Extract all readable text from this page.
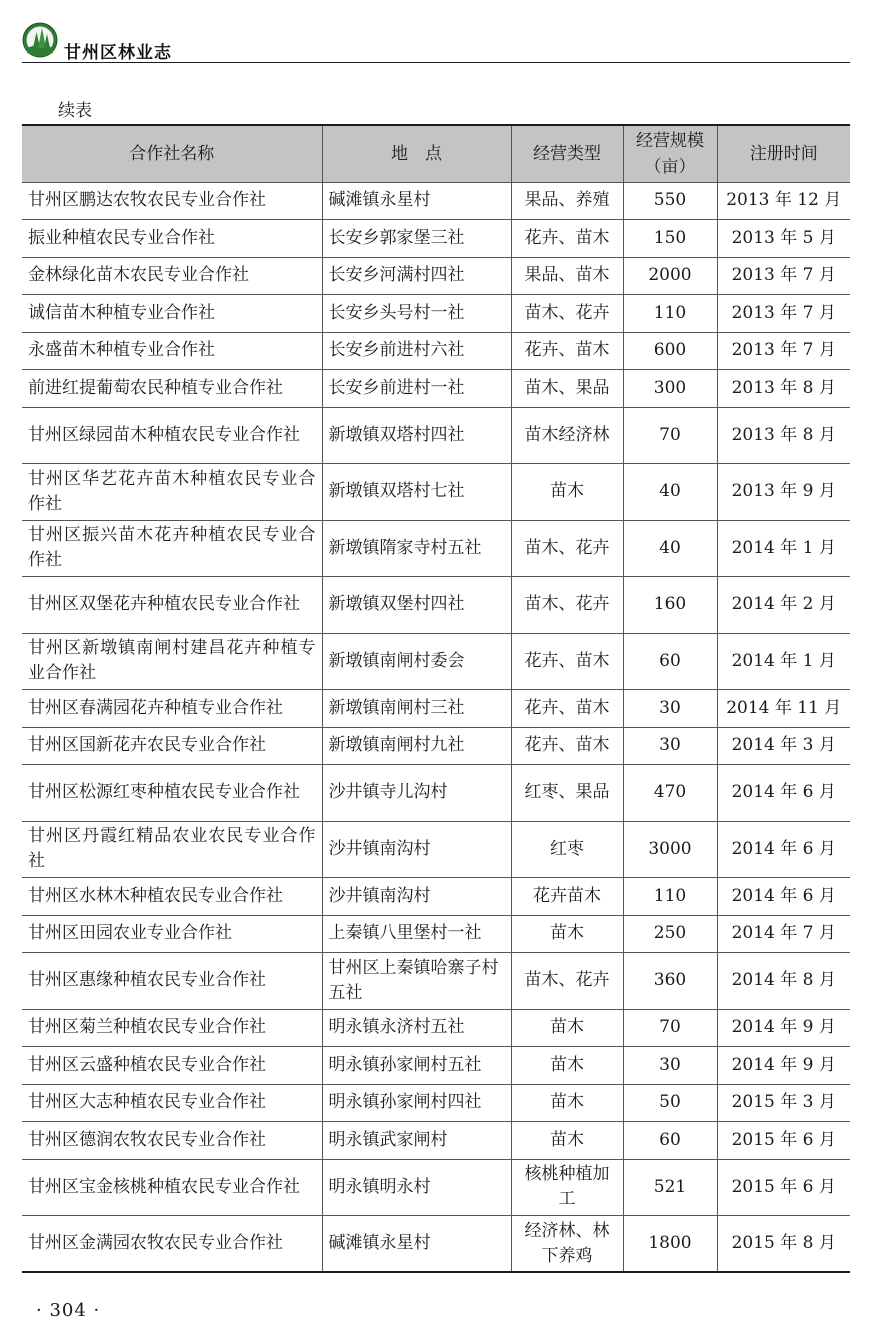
甘州区林业志
续表
合作社名称	地　点	经营类型	经营规模（亩）	注册时间
甘州区鹏达农牧农民专业合作社	碱滩镇永星村	果品、养殖	550	2013 年 12 月
振业种植农民专业合作社	长安乡郭家堡三社	花卉、苗木	150	2013 年 5 月
金林绿化苗木农民专业合作社	长安乡河满村四社	果品、苗木	2000	2013 年 7 月
诚信苗木种植专业合作社	长安乡头号村一社	苗木、花卉	110	2013 年 7 月
永盛苗木种植专业合作社	长安乡前进村六社	花卉、苗木	600	2013 年 7 月
前进红提葡萄农民种植专业合作社	长安乡前进村一社	苗木、果品	300	2013 年 8 月
甘州区绿园苗木种植农民专业合作社	新墩镇双塔村四社	苗木经济林	70	2013 年 8 月
甘州区华艺花卉苗木种植农民专业合作社	新墩镇双塔村七社	苗木	40	2013 年 9 月
甘州区振兴苗木花卉种植农民专业合作社	新墩镇隋家寺村五社	苗木、花卉	40	2014 年 1 月
甘州区双堡花卉种植农民专业合作社	新墩镇双堡村四社	苗木、花卉	160	2014 年 2 月
甘州区新墩镇南闸村建昌花卉种植专业合作社	新墩镇南闸村委会	花卉、苗木	60	2014 年 1 月
甘州区春满园花卉种植专业合作社	新墩镇南闸村三社	花卉、苗木	30	2014 年 11 月
甘州区国新花卉农民专业合作社	新墩镇南闸村九社	花卉、苗木	30	2014 年 3 月
甘州区松源红枣种植农民专业合作社	沙井镇寺儿沟村	红枣、果品	470	2014 年 6 月
甘州区丹霞红精品农业农民专业合作社	沙井镇南沟村	红枣	3000	2014 年 6 月
甘州区水林木种植农民专业合作社	沙井镇南沟村	花卉苗木	110	2014 年 6 月
甘州区田园农业专业合作社	上秦镇八里堡村一社	苗木	250	2014 年 7 月
甘州区惠缘种植农民专业合作社	甘州区上秦镇哈寨子村五社	苗木、花卉	360	2014 年 8 月
甘州区菊兰种植农民专业合作社	明永镇永济村五社	苗木	70	2014 年 9 月
甘州区云盛种植农民专业合作社	明永镇孙家闸村五社	苗木	30	2014 年 9 月
甘州区大志种植农民专业合作社	明永镇孙家闸村四社	苗木	50	2015 年 3 月
甘州区德润农牧农民专业合作社	明永镇武家闸村	苗木	60	2015 年 6 月
甘州区宝金核桃种植农民专业合作社	明永镇明永村	核桃种植加工	521	2015 年 6 月
甘州区金满园农牧农民专业合作社	碱滩镇永星村	经济林、林下养鸡	1800	2015 年 8 月
· 304 ·
